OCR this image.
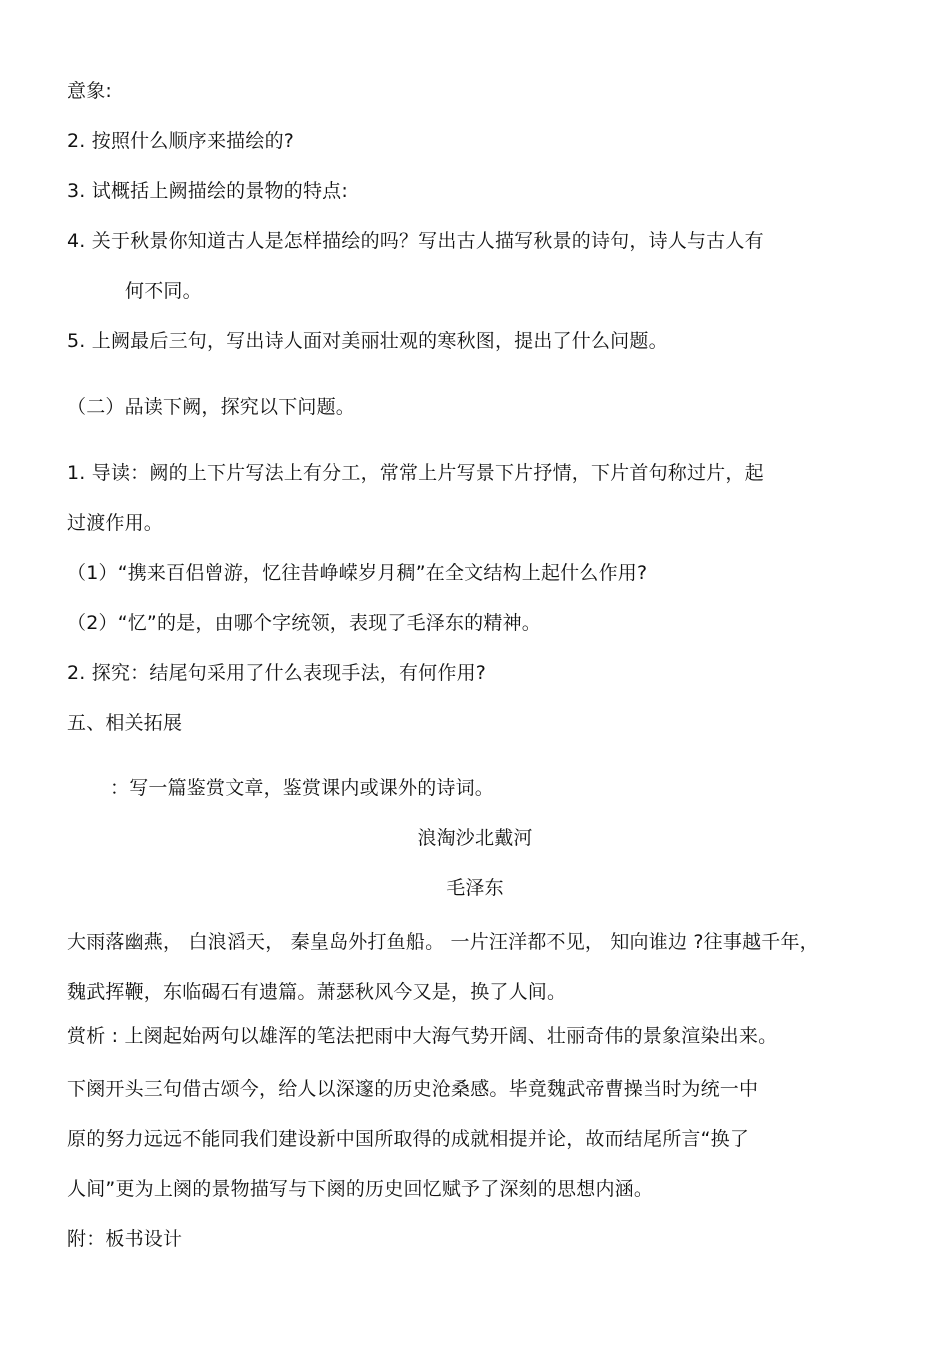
意象:
2. 按照什么顺序来描绘的?
3. 试概括上阙描绘的景物的特点:
4. 关于秋景你知道古人是怎样描绘的吗？写出古人描写秋景的诗句，诗人与古人有
何不同。
5. 上阙最后三句，写出诗人面对美丽壮观的寒秋图，提出了什么问题。
（二）品读下阙，探究以下问题。
1. 导读：阙的上下片写法上有分工，常常上片写景下片抒情，下片首句称过片，起
过渡作用。
（1）“携来百侣曾游，忆往昔峥嵘岁月稠”在全文结构上起什么作用?
（2）“忆”的是，由哪个字统领，表现了毛泽东的精神。
2. 探究：结尾句采用了什么表现手法，有何作用?
五、相关拓展
：写一篇鉴赏文章，鉴赏课内或课外的诗词。
浪淘沙北戴河
毛泽东
大雨落幽燕， 白浪滔天， 秦皇岛外打鱼船。 一片汪洋都不见， 知向谁边 ?往事越千年，
魏武挥鞭，东临碣石有遗篇。萧瑟秋风今又是，换了人间。
赏析 : 上阕起始两句以雄浑的笔法把雨中大海气势开阔、壮丽奇伟的景象渲染出来。
下阕开头三句借古颂今，给人以深邃的历史沧桑感。毕竟魏武帝曹操当时为统一中
原的努力远远不能同我们建设新中国所取得的成就相提并论，故而结尾所言“换了
人间”更为上阕的景物描写与下阕的历史回忆赋予了深刻的思想内涵。
附：板书设计
